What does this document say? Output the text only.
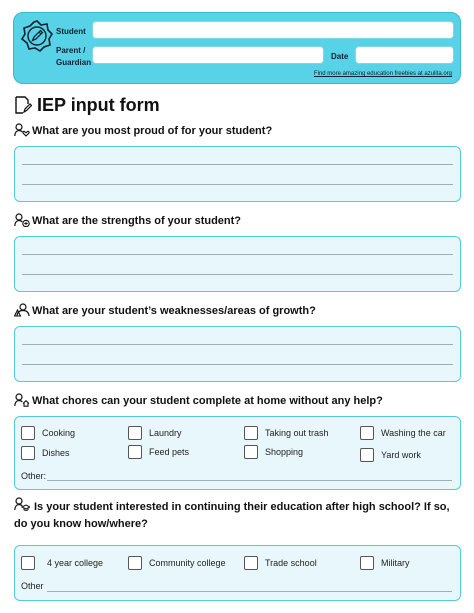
Student
Parent /
Guardian
Date
Find more amazing education freebies at azulita.org
IEP input form
What are you most proud of for your student?
What are the strengths of your student?
What are your student’s weaknesses/areas of growth?
What chores can your student complete at home without any help?
Cooking	Laundry	Taking out trash	Washing the car
Dishes	Feed pets	Shopping	Yard work
Other:
Is your student interested in continuing their education after high school? If so,
do you know how/where?
4 year college	Community college	Trade school	Military
Other
